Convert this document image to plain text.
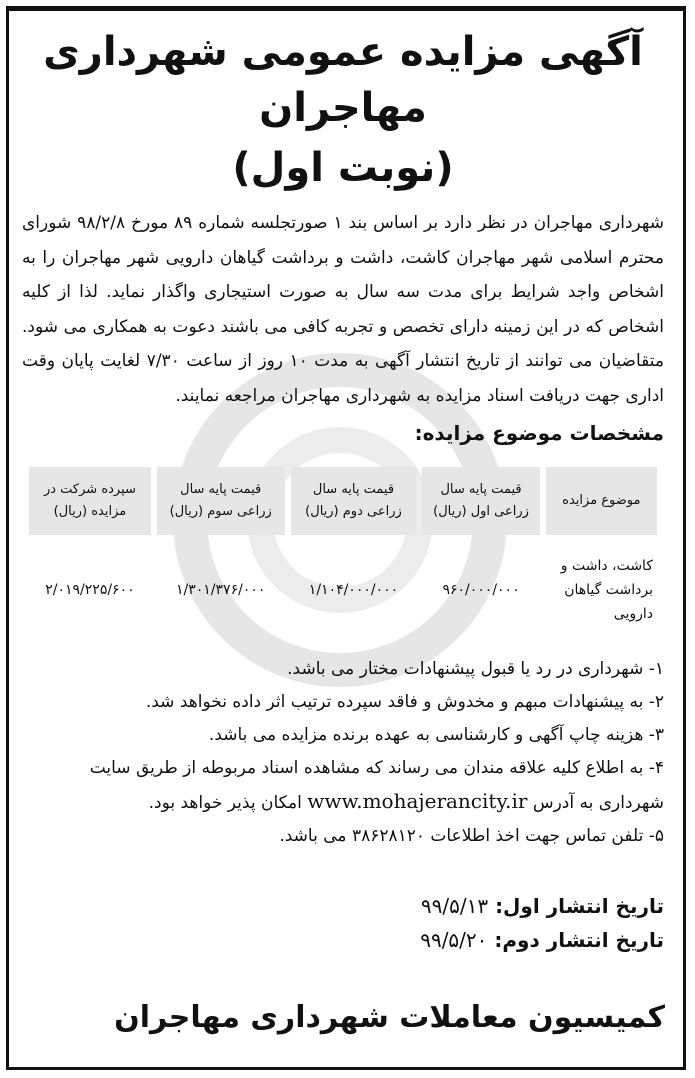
آگهی مزایده عمومی شهرداری مهاجران
(نوبت اول)

شهرداری مهاجران در نظر دارد بر اساس بند ۱ صورتجلسه شماره ۸۹ مورخ ۹۸/۲/۸ شورای محترم اسلامی شهر مهاجران کاشت، داشت و برداشت گیاهان دارویی شهر مهاجران را به اشخاص واجد شرایط برای مدت سه سال به صورت استیجاری واگذار نماید. لذا از کلیه اشخاص که در این زمینه دارای تخصص و تجربه کافی می باشند دعوت به همکاری می شود. متقاضیان می توانند از تاریخ انتشار آگهی به مدت ۱۰ روز از ساعت ۷/۳۰ لغایت پایان وقت اداری جهت دریافت اسناد مزایده به شهرداری مهاجران مراجعه نمایند.

مشخصات موضوع مزایده:
موضوع مزایده	قیمت پایه سال زراعی اول (ریال)	قیمت پایه سال زراعی دوم (ریال)	قیمت پایه سال زراعی سوم (ریال)	سپرده شرکت در مزایده (ریال)
کاشت، داشت و برداشت گیاهان دارویی	۹۶۰/۰۰۰/۰۰۰	۱/۱۰۴/۰۰۰/۰۰۰	۱/۳۰۱/۳۷۶/۰۰۰	۲/۰۱۹/۲۲۵/۶۰۰
۱- شهرداری در رد یا قبول پیشنهادات مختار می باشد.
۲- به پیشنهادات مبهم و مخدوش و فاقد سپرده ترتیب اثر داده نخواهد شد.
۳- هزینه چاپ آگهی و کارشناسی به عهده برنده مزایده می باشد.
۴- به اطلاع کلیه علاقه مندان می رساند که مشاهده اسناد مربوطه از طریق سایت شهرداری به آدرس www.mohajerancity.ir امکان پذیر خواهد بود.
۵- تلفن تماس جهت اخذ اطلاعات ۳۸۶۲۸۱۲۰ می باشد.
تاریخ انتشار اول: ۹۹/۵/۱۳
تاریخ انتشار دوم: ۹۹/۵/۲۰
کمیسیون معاملات شهرداری مهاجران
